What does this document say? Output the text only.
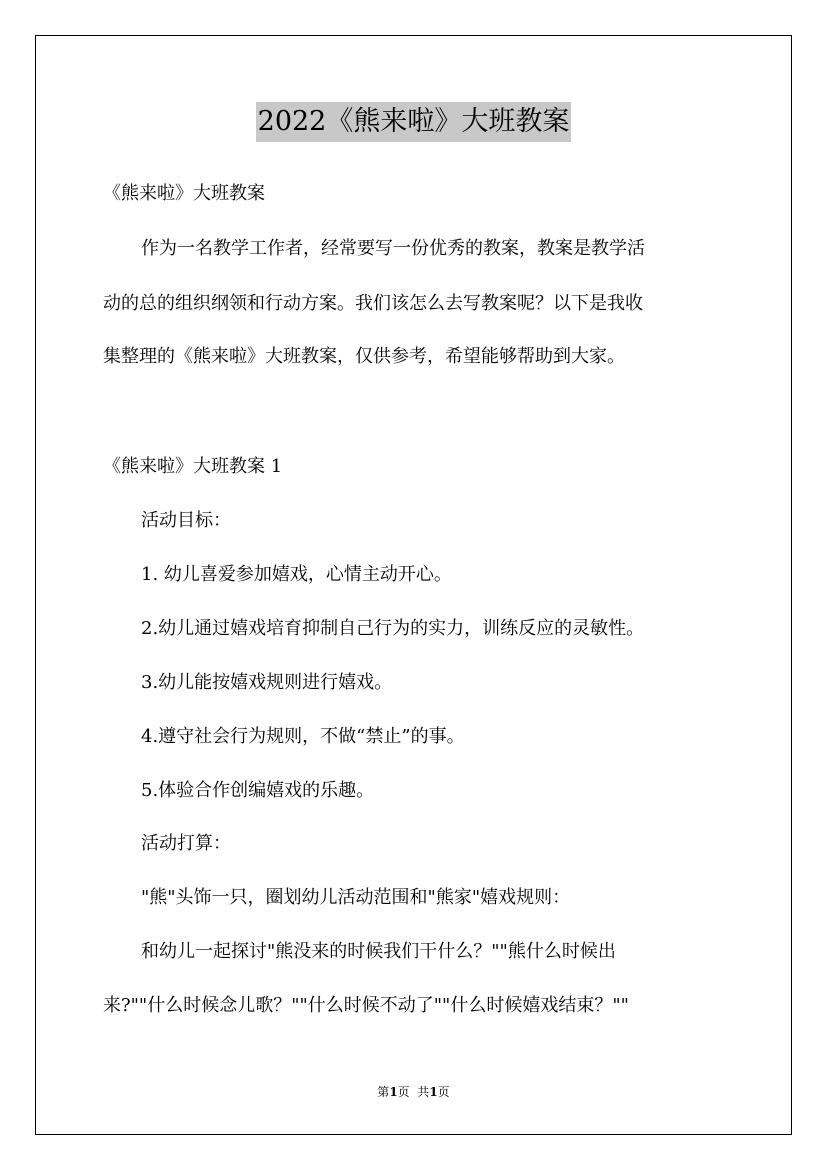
2022《熊来啦》大班教案
《熊来啦》大班教案
作为一名教学工作者，经常要写一份优秀的教案，教案是教学活
动的总的组织纲领和行动方案。我们该怎么去写教案呢？以下是我收
集整理的《熊来啦》大班教案，仅供参考，希望能够帮助到大家。
《熊来啦》大班教案 1
活动目标：
1. 幼儿喜爱参加嬉戏，心情主动开心。
2.幼儿通过嬉戏培育抑制自己行为的实力，训练反应的灵敏性。
3.幼儿能按嬉戏规则进行嬉戏。
4.遵守社会行为规则，不做“禁止”的事。
5.体验合作创编嬉戏的乐趣。
活动打算：
"熊"头饰一只，圈划幼儿活动范围和"熊家"嬉戏规则：
和幼儿一起探讨"熊没来的时候我们干什么？""熊什么时候出
来?""什么时候念儿歌？""什么时候不动了""什么时候嬉戏结束？""
第1页  共1页
